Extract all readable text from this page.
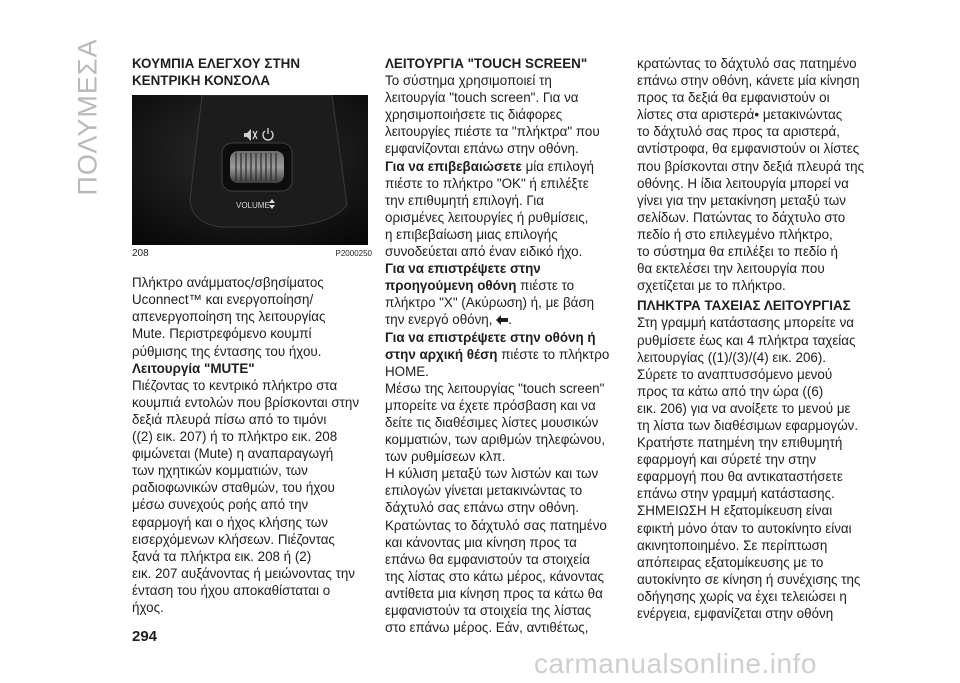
ΠΟΛΥΜΕΣΑ ΚΟΥΜΠΙΑ ΕΛΕΓΧΟΥ ΣΤΗΝ
ΚΕΝΤΡΙΚΗ ΚΟΝΣΟΛΑ

VOLUME
208	P2000250

Πλήκτρο ανάμματος/σβησίματος
Uconnect™ και ενεργοποίηση/
απενεργοποίηση της λειτουργίας
Mute. Περιστρεφόμενο κουμπί
ρύθμισης της έντασης του ήχου.

Λειτουργία "MUTE"

Πιέζοντας το κεντρικό πλήκτρο στα
κουμπιά εντολών που βρίσκονται στην
δεξιά πλευρά πίσω από το τιμόνι
((2) εικ. 207) ή το πλήκτρο εικ. 208
φιμώνεται (Mute) η αναπαραγωγή
των ηχητικών κομματιών, των
ραδιοφωνικών σταθμών, του ήχου
μέσω συνεχούς ροής από την
εφαρμογή και ο ήχος κλήσης των
εισερχόμενων κλήσεων. Πιέζοντας
ξανά τα πλήκτρα εικ. 208 ή (2)
εικ. 207 αυξάνοντας ή μειώνοντας την
ένταση του ήχου αποκαθίσταται ο
ήχος.

ΛΕΙΤΟΥΡΓΙΑ "TOUCH SCREEN"

Το σύστημα χρησιμοποιεί τη
λειτουργία "touch screen". Για να
χρησιμοποιήσετε τις διάφορες
λειτουργίες πιέστε τα "πλήκτρα" που
εμφανίζονται επάνω στην οθόνη.

Για να επιβεβαιώσετε μία επιλογή
πιέστε το πλήκτρο "OK" ή επιλέξτε
την επιθυμητή επιλογή. Για
ορισμένες λειτουργίες ή ρυθμίσεις,
η επιβεβαίωση μιας επιλογής
συνοδεύεται από έναν ειδικό ήχο.

Για να επιστρέψετε στην
προηγούμενη οθόνη πιέστε το
πλήκτρο "X" (Ακύρωση) ή, με βάση
την ενεργό οθόνη, .

Για να επιστρέψετε στην οθόνη ή
στην αρχική θέση πιέστε το πλήκτρο
HOME.

Μέσω της λειτουργίας "touch screen"
μπορείτε να έχετε πρόσβαση και να
δείτε τις διαθέσιμες λίστες μουσικών
κομματιών, των αριθμών τηλεφώνου,
των ρυθμίσεων κλπ.

Η κύλιση μεταξύ των λιστών και των
επιλογών γίνεται μετακινώντας το
δάχτυλό σας επάνω στην οθόνη.
Κρατώντας το δάχτυλό σας πατημένο
και κάνοντας μια κίνηση προς τα
επάνω θα εμφανιστούν τα στοιχεία
της λίστας στο κάτω μέρος, κάνοντας
αντίθετα μια κίνηση προς τα κάτω θα
εμφανιστούν τα στοιχεία της λίστας
στο επάνω μέρος. Εάν, αντιθέτως,

κρατώντας το δάχτυλό σας πατημένο
επάνω στην οθόνη, κάνετε μία κίνηση
προς τα δεξιά θα εμφανιστούν οι
λίστες στα αριστερά• μετακινώντας
το δάχτυλό σας προς τα αριστερά,
αντίστροφα, θα εμφανιστούν οι λίστες
που βρίσκονται στην δεξιά πλευρά της
οθόνης. Η ίδια λειτουργία μπορεί να
γίνει για την μετακίνηση μεταξύ των
σελίδων. Πατώντας το δάχτυλο στο
πεδίο ή στο επιλεγμένο πλήκτρο,
το σύστημα θα επιλέξει το πεδίο ή
θα εκτελέσει την λειτουργία που
σχετίζεται με το πλήκτρο.

ΠΛΗΚΤΡΑ ΤΑΧΕΙΑΣ ΛΕΙΤΟΥΡΓΙΑΣ

Στη γραμμή κατάστασης μπορείτε να
ρυθμίσετε έως και 4 πλήκτρα ταχείας
λειτουργίας ((1)/(3)/(4) εικ. 206).
Σύρετε το αναπτυσσόμενο μενού
προς τα κάτω από την ώρα ((6)
εικ. 206) για να ανοίξετε το μενού με
τη λίστα των διαθέσιμων εφαρμογών.
Κρατήστε πατημένη την επιθυμητή
εφαρμογή και σύρετέ την στην
εφαρμογή που θα αντικαταστήσετε
επάνω στην γραμμή κατάστασης.

ΣΗΜΕΙΩΣΗ Η εξατομίκευση είναι
εφικτή μόνο όταν το αυτοκίνητο είναι
ακινητοποιημένο. Σε περίπτωση
απόπειρας εξατομίκευσης με το
αυτοκίνητο σε κίνηση ή συνέχισης της
οδήγησης χωρίς να έχει τελειώσει η
ενέργεια, εμφανίζεται στην οθόνη

294
carmanualsonline.info
